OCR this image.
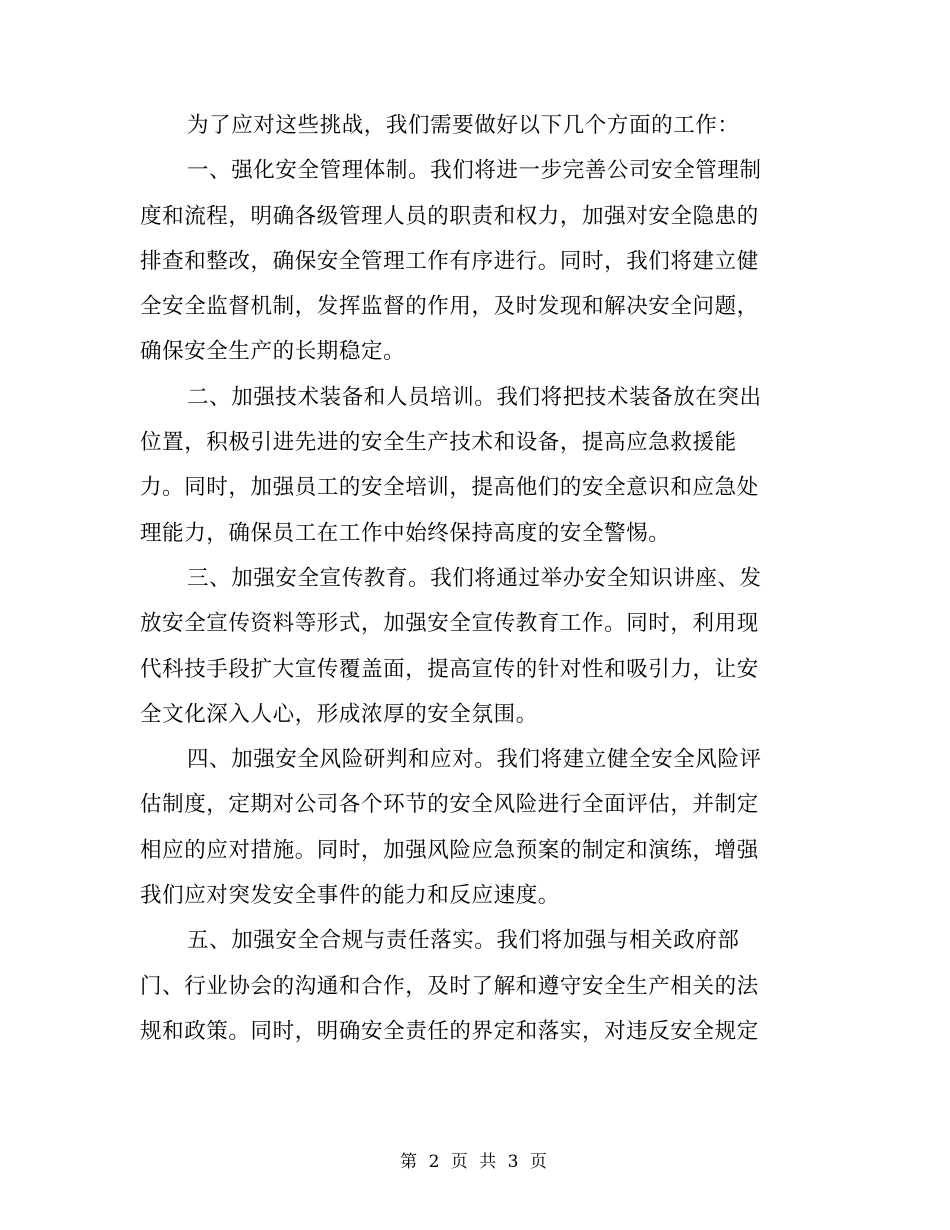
为了应对这些挑战，我们需要做好以下几个方面的工作：
一、强化安全管理体制。我们将进一步完善公司安全管理制
度和流程，明确各级管理人员的职责和权力，加强对安全隐患的
排查和整改，确保安全管理工作有序进行。同时，我们将建立健
全安全监督机制，发挥监督的作用，及时发现和解决安全问题，
确保安全生产的长期稳定。
二、加强技术装备和人员培训。我们将把技术装备放在突出
位置，积极引进先进的安全生产技术和设备，提高应急救援能
力。同时，加强员工的安全培训，提高他们的安全意识和应急处
理能力，确保员工在工作中始终保持高度的安全警惕。
三、加强安全宣传教育。我们将通过举办安全知识讲座、发
放安全宣传资料等形式，加强安全宣传教育工作。同时，利用现
代科技手段扩大宣传覆盖面，提高宣传的针对性和吸引力，让安
全文化深入人心，形成浓厚的安全氛围。
四、加强安全风险研判和应对。我们将建立健全安全风险评
估制度，定期对公司各个环节的安全风险进行全面评估，并制定
相应的应对措施。同时，加强风险应急预案的制定和演练，增强
我们应对突发安全事件的能力和反应速度。
五、加强安全合规与责任落实。我们将加强与相关政府部
门、行业协会的沟通和合作，及时了解和遵守安全生产相关的法
规和政策。同时，明确安全责任的界定和落实，对违反安全规定
第 2 页 共 3 页
